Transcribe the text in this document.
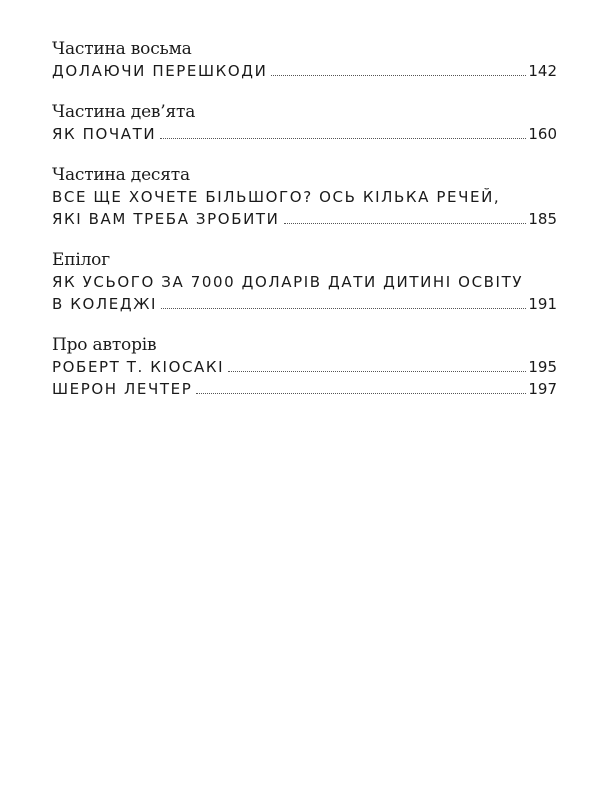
Частина восьма
ДОЛАЮЧИ ПЕРЕШКОДИ	142
Частина дев’ята
ЯК ПОЧАТИ	160
Частина десята
ВСЕ ЩЕ ХОЧЕТЕ БІЛЬШОГО? ОСЬ КІЛЬКА РЕЧЕЙ,
ЯКІ ВАМ ТРЕБА ЗРОБИТИ	185
Епілог
ЯК УСЬОГО ЗА 7000 ДОЛАРІВ ДАТИ ДИТИНІ ОСВІТУ
В КОЛЕДЖІ	191
Про авторів
РОБЕРТ Т. КІОСАКІ	195
ШЕРОН ЛЕЧТЕР	197
